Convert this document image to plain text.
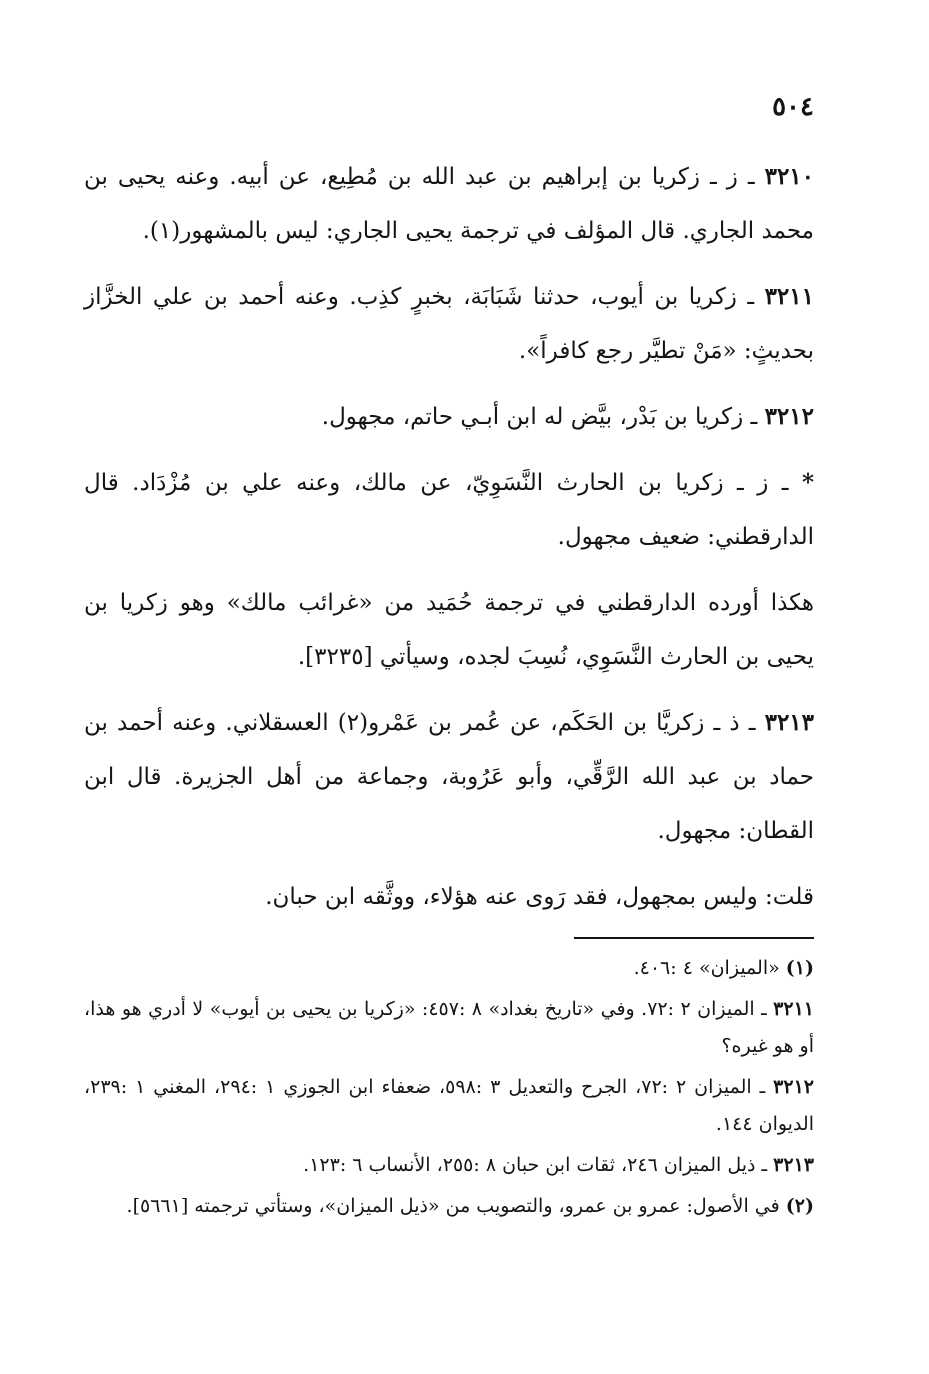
٥٠٤

٣٢١٠ ـ ز ـ زكريا بن إبراهيم بن عبد الله بن مُطِيع، عن أبيه. وعنه يحيى بن محمد الجاري. قال المؤلف في ترجمة يحيى الجاري: ليس بالمشهور(١).

٣٢١١ ـ زكريا بن أيوب، حدثنا شَبَابَة، بخبرٍ كذِب. وعنه أحمد بن علي الخزَّاز بحديثٍ: «مَنْ تطيَّر رجع كافراً».

٣٢١٢ ـ زكريا بن بَدْر، بيَّض له ابن أبـي حاتم، مجهول.

* ـ ز ـ زكريا بن الحارث النَّسَوِيّ، عن مالك، وعنه علي بن مُزْدَاد. قال الدارقطني: ضعيف مجهول.

هكذا أورده الدارقطني في ترجمة حُمَيد من «غرائب مالك» وهو زكريا بن يحيى بن الحارث النَّسَوِي، نُسِبَ لجده، وسيأتي [٣٢٣٥].

٣٢١٣ ـ ذ ـ زكريَّا بن الحَكَم، عن عُمر بن عَمْرو(٢) العسقلاني. وعنه أحمد بن حماد بن عبد الله الرَّقِّي، وأبو عَرُوبة، وجماعة من أهل الجزيرة. قال ابن القطان: مجهول.

قلت: وليس بمجهول، فقد رَوى عنه هؤلاء، ووثَّقه ابن حبان.

(١) «الميزان» ٤ :٤٠٦.

٣٢١١ ـ الميزان ٢ :٧٢. وفي «تاريخ بغداد» ٨ :٤٥٧: «زكريا بن يحيى بن أيوب» لا أدري هو هذا، أو هو غيره؟

٣٢١٢ ـ الميزان ٢ :٧٢، الجرح والتعديل ٣ :٥٩٨، ضعفاء ابن الجوزي ١ :٢٩٤، المغني ١ :٢٣٩، الديوان ١٤٤.

٣٢١٣ ـ ذيل الميزان ٢٤٦، ثقات ابن حبان ٨ :٢٥٥، الأنساب ٦ :١٢٣.

(٢) في الأصول: عمرو بن عمرو، والتصويب من «ذيل الميزان»، وستأتي ترجمته [٥٦٦١].
